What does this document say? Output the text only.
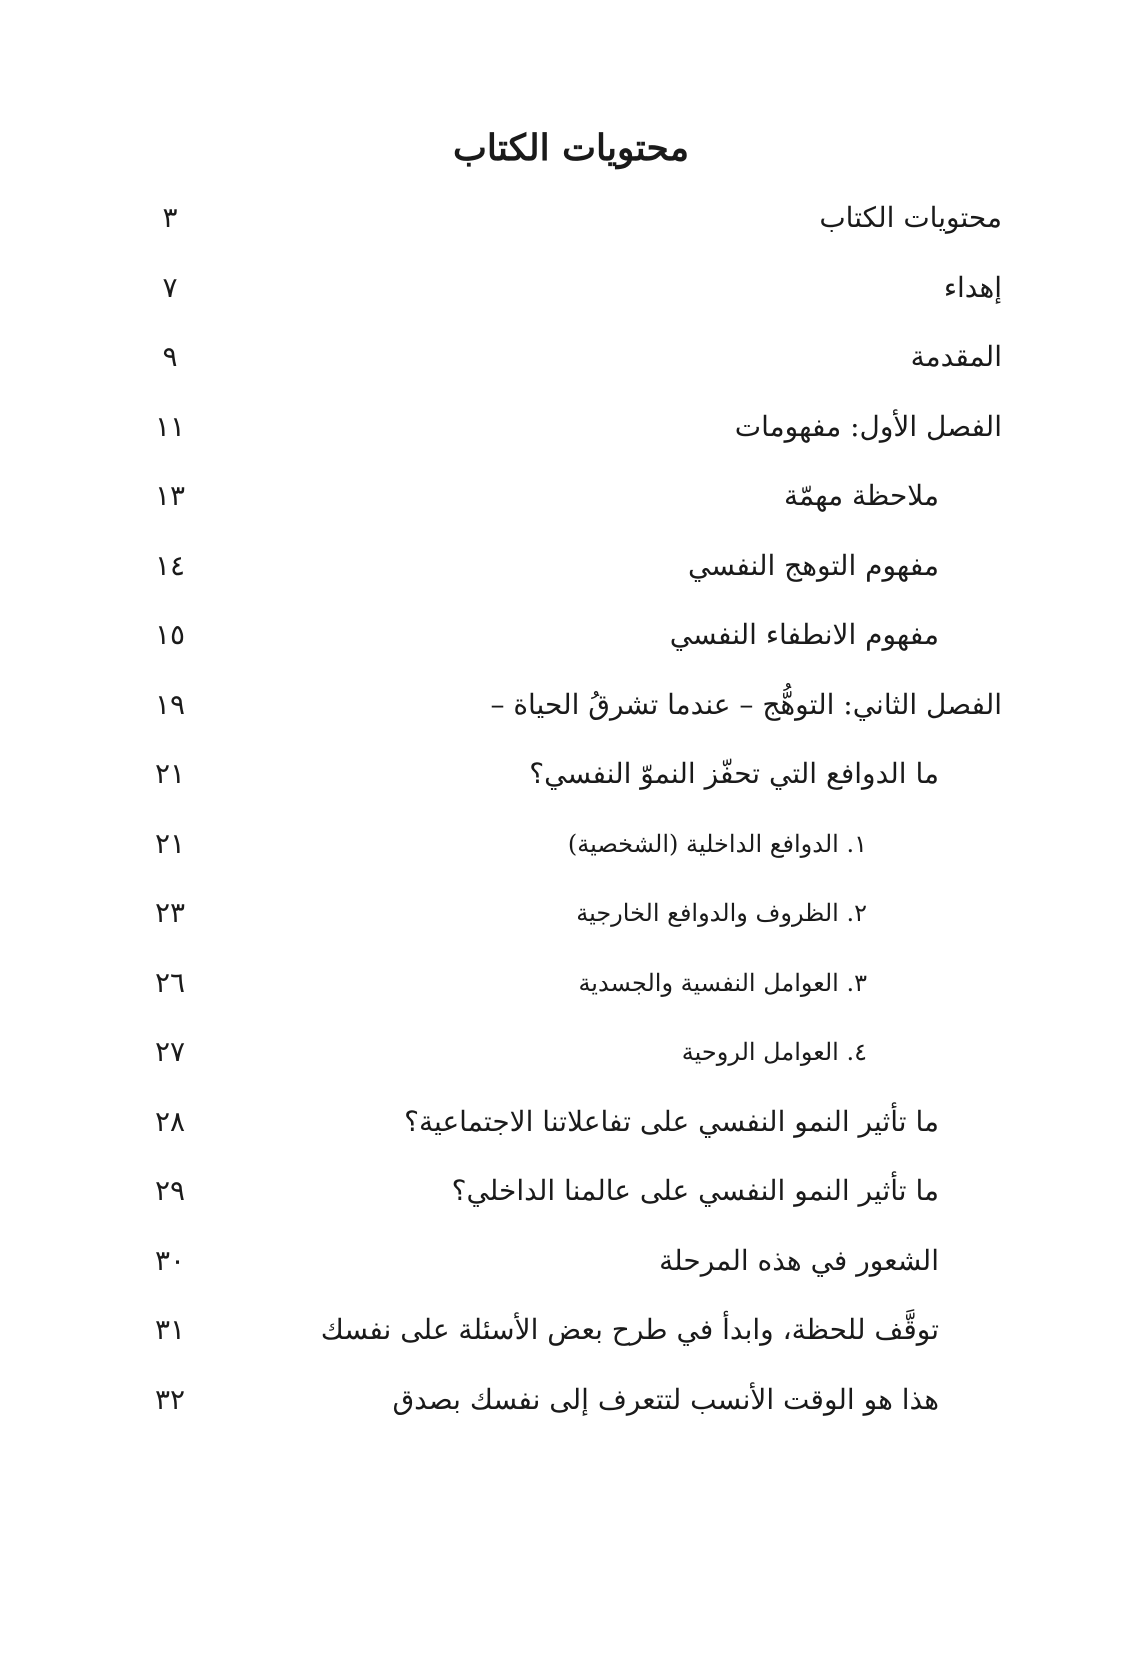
محتويات الكتاب
محتويات الكتاب
٣
إهداء
٧
المقدمة
٩
الفصل الأول: مفهومات
١١
ملاحظة مهمّة
١٣
مفهوم التوهج النفسي
١٤
مفهوم الانطفاء النفسي
١٥
الفصل الثاني: التوهُّج – عندما تشرقُ الحياة –
١٩
ما الدوافع التي تحفّز النموّ النفسي؟
٢١
١. الدوافع الداخلية (الشخصية)
٢١
٢. الظروف والدوافع الخارجية
٢٣
٣. العوامل النفسية والجسدية
٢٦
٤. العوامل الروحية
٢٧
ما تأثير النمو النفسي على تفاعلاتنا الاجتماعية؟
٢٨
ما تأثير النمو النفسي على عالمنا الداخلي؟
٢٩
الشعور في هذه المرحلة
٣٠
توقَّف للحظة، وابدأ في طرح بعض الأسئلة على نفسك
٣١
هذا هو الوقت الأنسب لتتعرف إلى نفسك بصدق
٣٢
